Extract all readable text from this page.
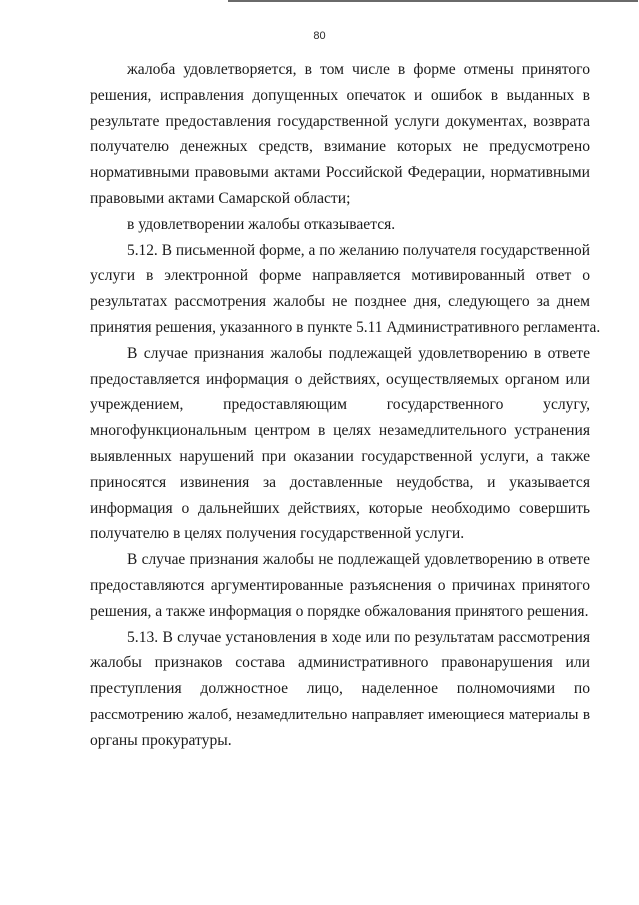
80
жалоба удовлетворяется, в том числе в форме отмены принятого
решения, исправления допущенных опечаток и ошибок в выданных в
результате предоставления государственной услуги документах, возврата
получателю денежных средств, взимание которых не предусмотрено
нормативными правовыми актами Российской Федерации, нормативными
правовыми актами Самарской области;
в удовлетворении жалобы отказывается.
5.12. В письменной форме, а по желанию получателя государственной
услуги в электронной форме направляется мотивированный ответ о
результатах рассмотрения жалобы не позднее дня, следующего за днем
принятия решения, указанного в пункте 5.11 Административного регламента.
В случае признания жалобы подлежащей удовлетворению в ответе
предоставляется информация о действиях, осуществляемых органом или
учреждением, предоставляющим государственного услугу,
многофункциональным центром в целях незамедлительного устранения
выявленных нарушений при оказании государственной услуги, а также
приносятся извинения за доставленные неудобства, и указывается
информация о дальнейших действиях, которые необходимо совершить
получателю в целях получения государственной услуги.
В случае признания жалобы не подлежащей удовлетворению в ответе
предоставляются аргументированные разъяснения о причинах принятого
решения, а также информация о порядке обжалования принятого решения.
5.13. В случае установления в ходе или по результатам рассмотрения
жалобы признаков состава административного правонарушения или
преступления должностное лицо, наделенное полномочиями по
рассмотрению жалоб, незамедлительно направляет имеющиеся материалы в
органы прокуратуры.
